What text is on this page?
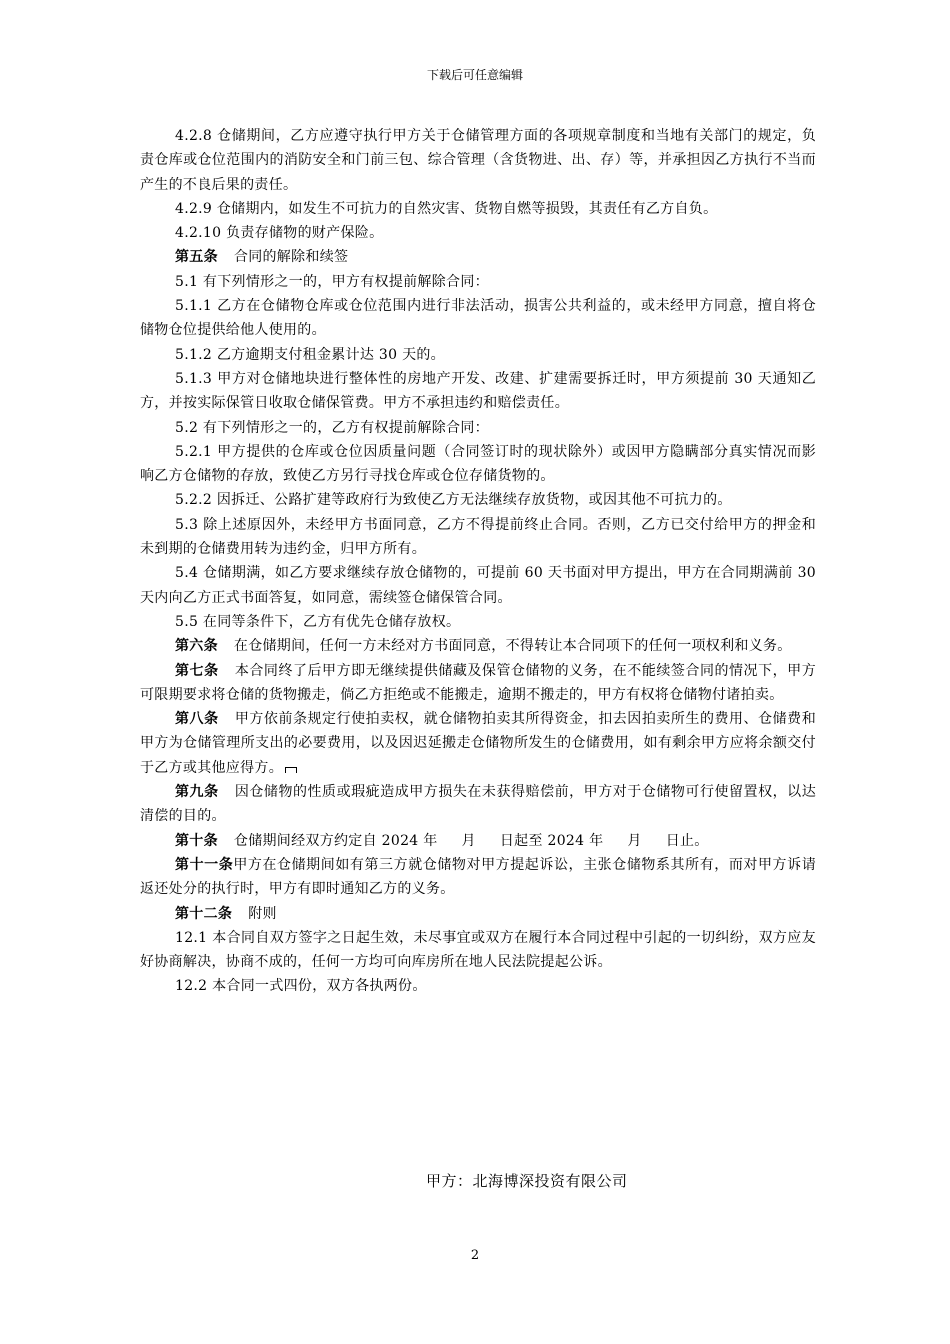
下载后可任意编辑

4.2.8 仓储期间，乙方应遵守执行甲方关于仓储管理方面的各项规章制度和当地有关部门的规定，负责仓库或仓位范围内的消防安全和门前三包、综合管理（含货物进、出、存）等，并承担因乙方执行不当而产生的不良后果的责任。

4.2.9 仓储期内，如发生不可抗力的自然灾害、货物自燃等损毁，其责任有乙方自负。

4.2.10 负责存储物的财产保险。

第五条 合同的解除和续签

5.1 有下列情形之一的，甲方有权提前解除合同：

5.1.1 乙方在仓储物仓库或仓位范围内进行非法活动，损害公共利益的，或未经甲方同意，擅自将仓储物仓位提供给他人使用的。

5.1.2 乙方逾期支付租金累计达 30 天的。

5.1.3 甲方对仓储地块进行整体性的房地产开发、改建、扩建需要拆迁时，甲方须提前 30 天通知乙方，并按实际保管日收取仓储保管费。甲方不承担违约和赔偿责任。

5.2 有下列情形之一的，乙方有权提前解除合同：

5.2.1 甲方提供的仓库或仓位因质量问题（合同签订时的现状除外）或因甲方隐瞒部分真实情况而影响乙方仓储物的存放，致使乙方另行寻找仓库或仓位存储货物的。

5.2.2 因拆迁、公路扩建等政府行为致使乙方无法继续存放货物，或因其他不可抗力的。

5.3 除上述原因外，未经甲方书面同意，乙方不得提前终止合同。否则，乙方已交付给甲方的押金和未到期的仓储费用转为违约金，归甲方所有。

5.4 仓储期满，如乙方要求继续存放仓储物的，可提前 60 天书面对甲方提出，甲方在合同期满前 30 天内向乙方正式书面答复，如同意，需续签仓储保管合同。

5.5 在同等条件下，乙方有优先仓储存放权。

第六条 在仓储期间，任何一方未经对方书面同意，不得转让本合同项下的任何一项权利和义务。

第七条 本合同终了后甲方即无继续提供储藏及保管仓储物的义务，在不能续签合同的情况下，甲方可限期要求将仓储的货物搬走，倘乙方拒绝或不能搬走，逾期不搬走的，甲方有权将仓储物付诸拍卖。

第八条 甲方依前条规定行使拍卖权，就仓储物拍卖其所得资金，扣去因拍卖所生的费用、仓储费和甲方为仓储管理所支出的必要费用，以及因迟延搬走仓储物所发生的仓储费用，如有剩余甲方应将余额交付于乙方或其他应得方。

第九条 因仓储物的性质或瑕疵造成甲方损失在未获得赔偿前，甲方对于仓储物可行使留置权，以达清偿的目的。

第十条 仓储期间经双方约定自 2024 年 月 日起至 2024 年 月 日止。

第十一条甲方在仓储期间如有第三方就仓储物对甲方提起诉讼，主张仓储物系其所有，而对甲方诉请返还处分的执行时，甲方有即时通知乙方的义务。

第十二条 附则

12.1 本合同自双方签字之日起生效，未尽事宜或双方在履行本合同过程中引起的一切纠纷，双方应友好协商解决，协商不成的，任何一方均可向库房所在地人民法院提起公诉。

12.2 本合同一式四份，双方各执两份。

甲方：北海博深投资有限公司
2
